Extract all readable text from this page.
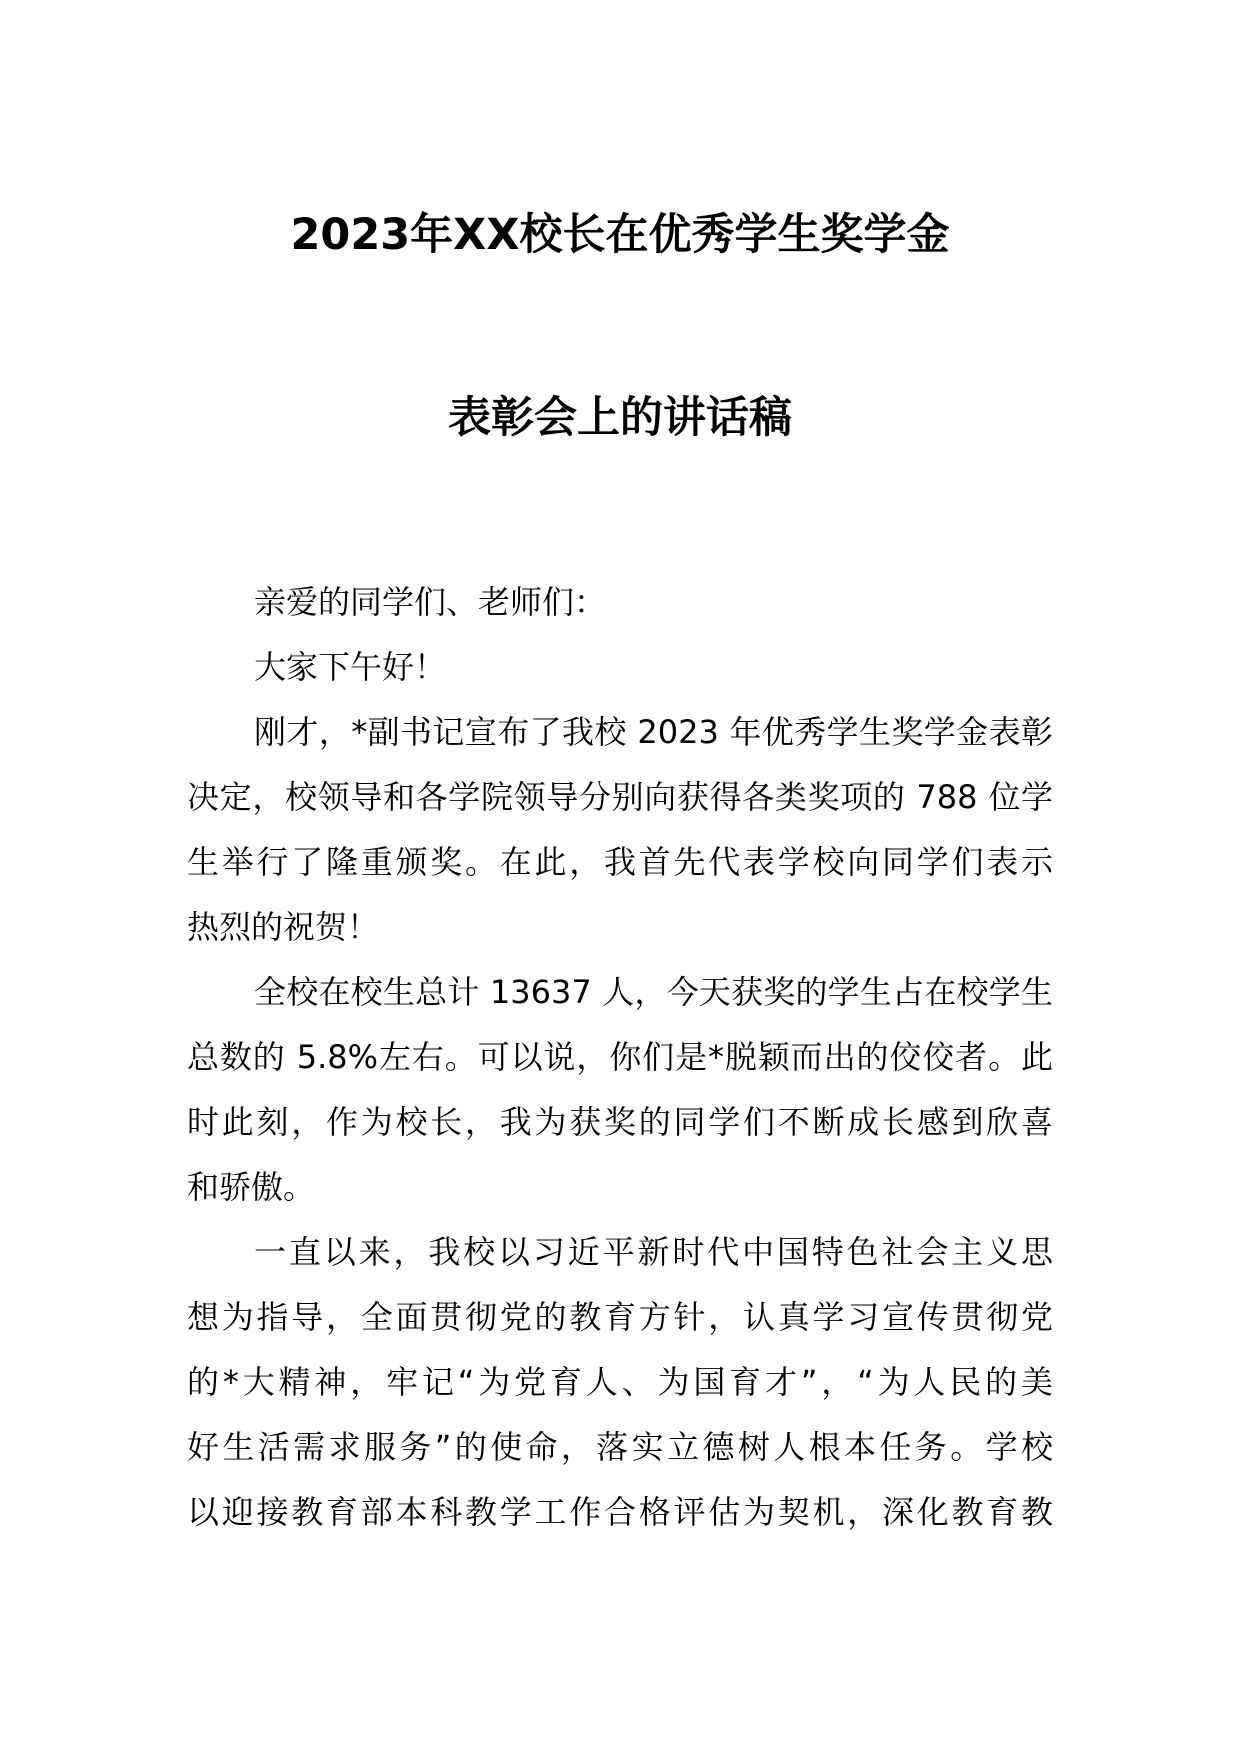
2023年XX校长在优秀学生奖学金
表彰会上的讲话稿
亲爱的同学们、老师们：
大家下午好！
刚才，*副书记宣布了我校 2023 年优秀学生奖学金表彰
决定，校领导和各学院领导分别向获得各类奖项的 788 位学
生举行了隆重颁奖。在此，我首先代表学校向同学们表示
热烈的祝贺！
全校在校生总计 13637 人，今天获奖的学生占在校学生
总数的 5.8%左右。可以说，你们是*脱颖而出的佼佼者。此
时此刻，作为校长，我为获奖的同学们不断成长感到欣喜
和骄傲。
一直以来，我校以习近平新时代中国特色社会主义思
想为指导，全面贯彻党的教育方针，认真学习宣传贯彻党
的*大精神，牢记“为党育人、为国育才”，“为人民的美
好生活需求服务”的使命，落实立德树人根本任务。学校
以迎接教育部本科教学工作合格评估为契机，深化教育教
